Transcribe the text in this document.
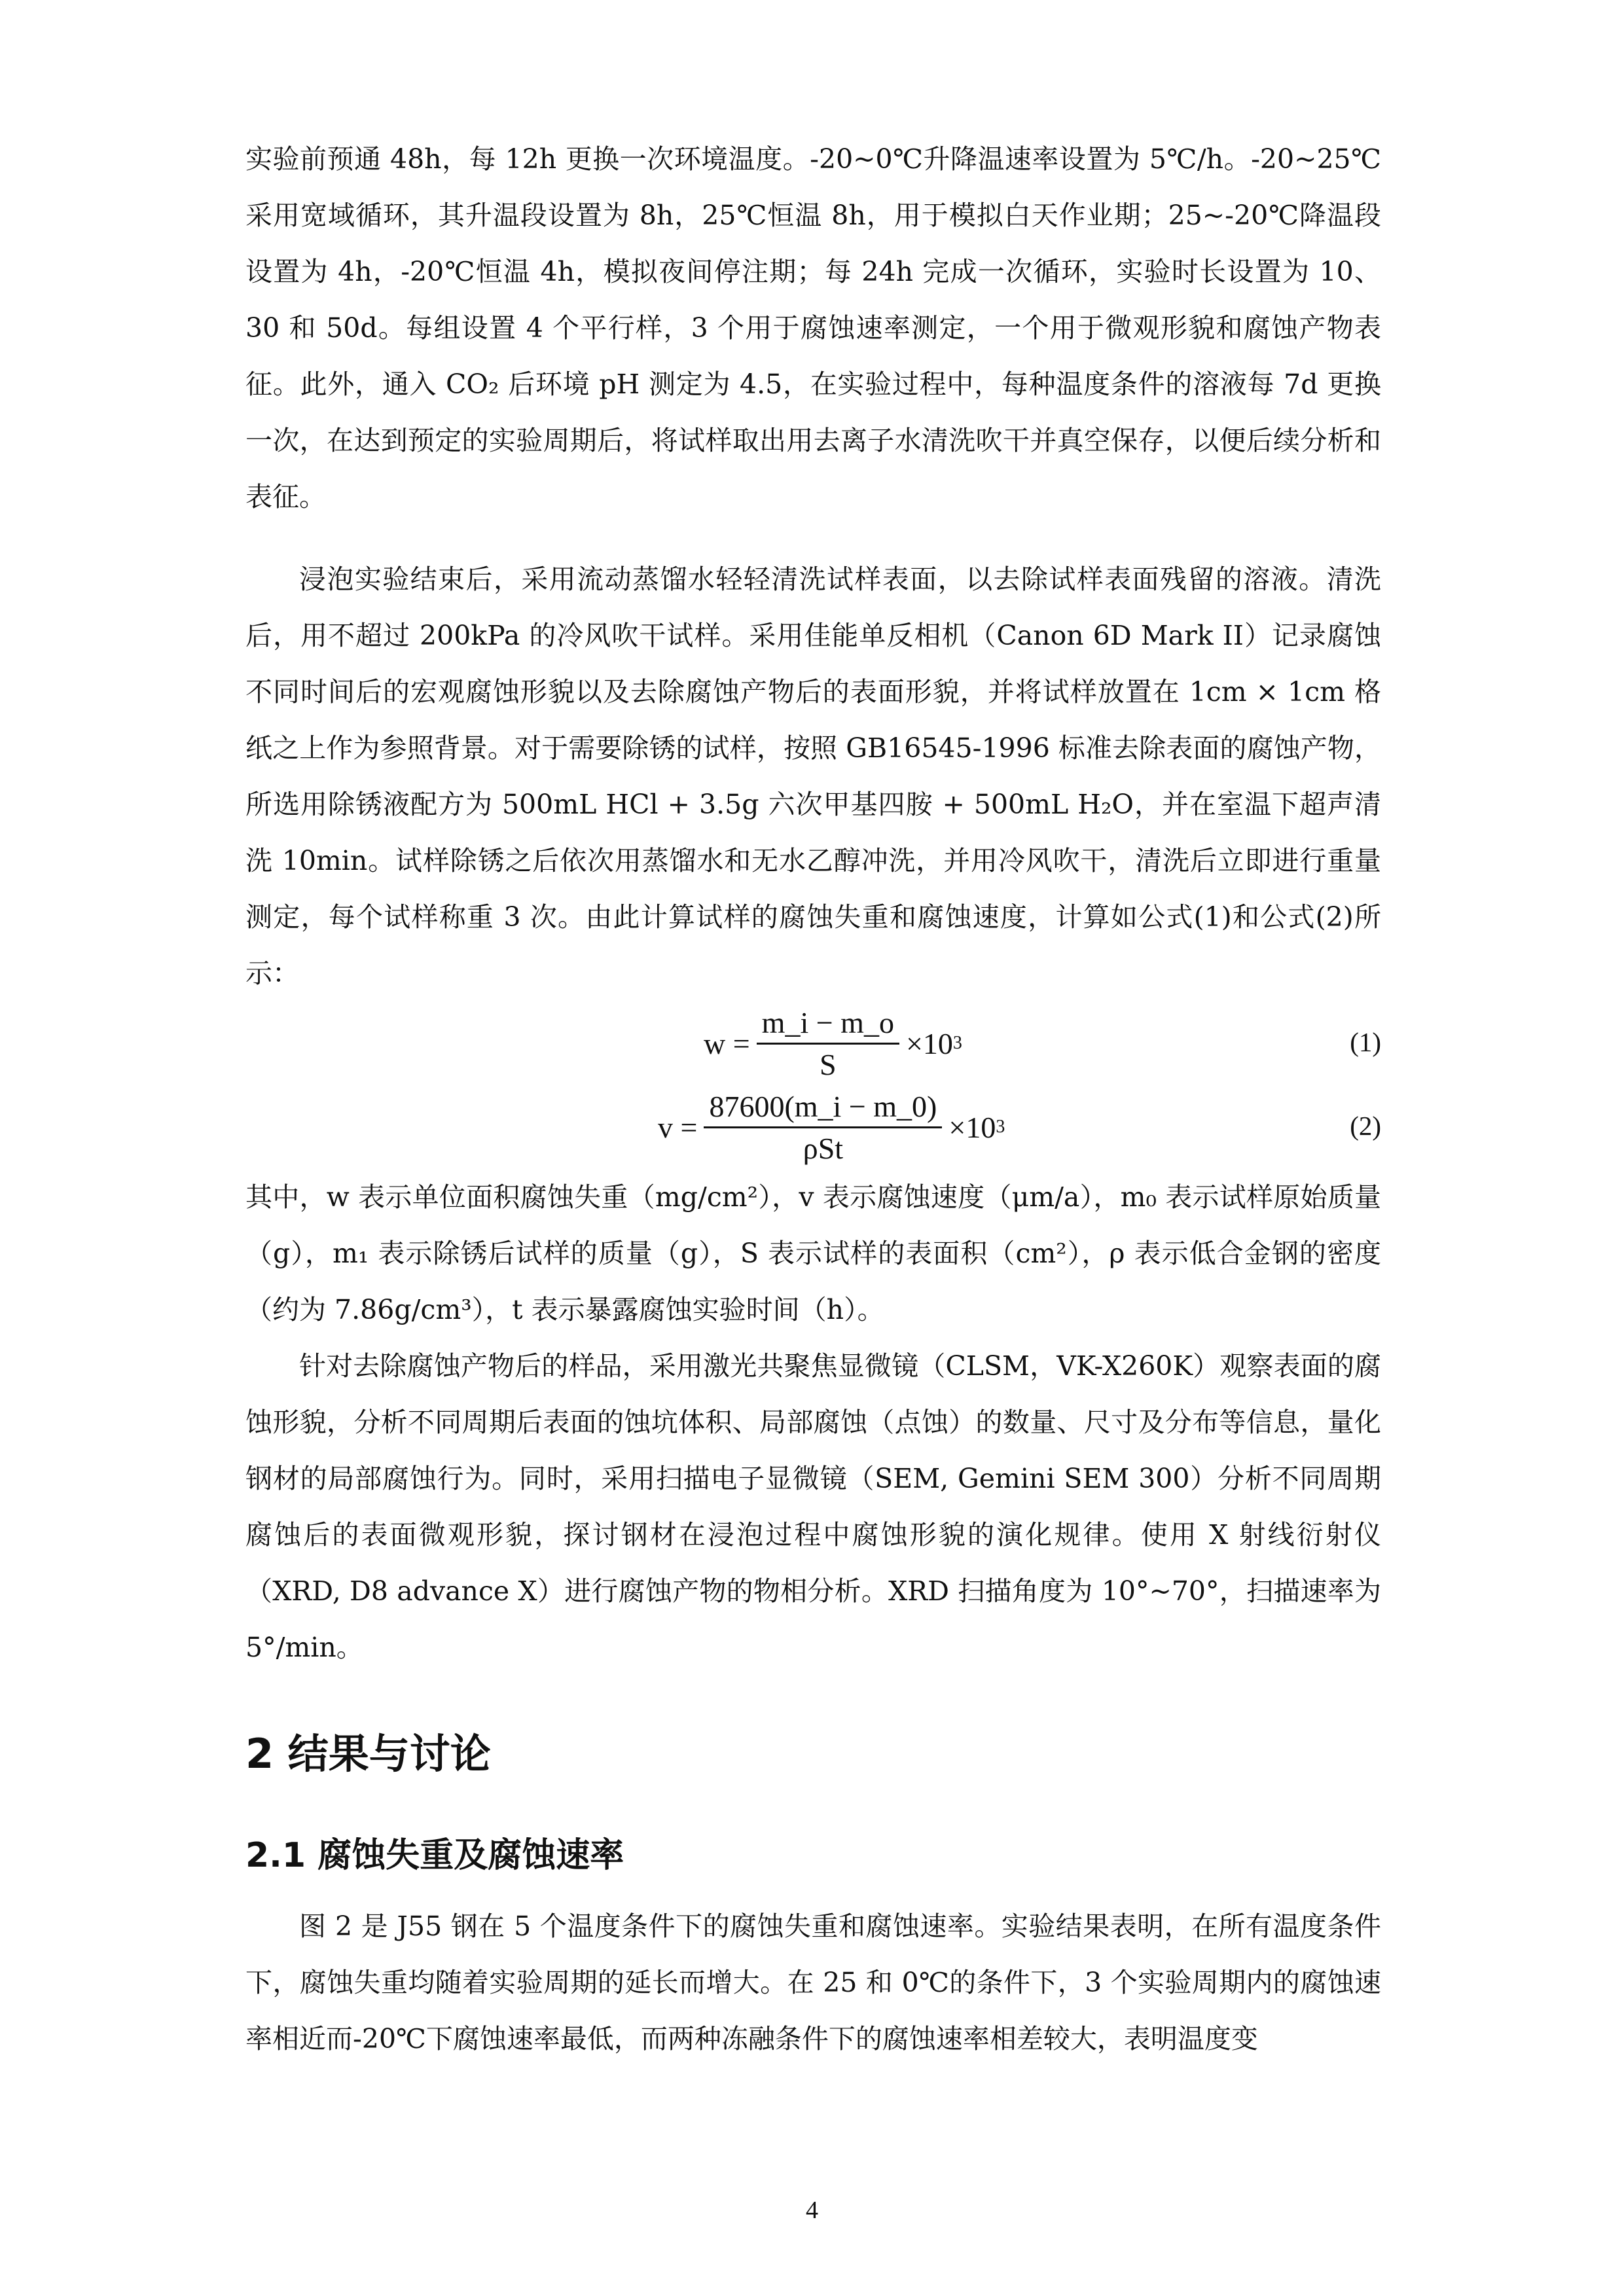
实验前预通 48h，每 12h 更换一次环境温度。-20~0℃升降温速率设置为 5℃/h。-20~25℃采用宽域循环，其升温段设置为 8h，25℃恒温 8h，用于模拟白天作业期；25~-20℃降温段设置为 4h，-20℃恒温 4h，模拟夜间停注期；每 24h 完成一次循环，实验时长设置为 10、30 和 50d。每组设置 4 个平行样，3 个用于腐蚀速率测定，一个用于微观形貌和腐蚀产物表征。此外，通入 CO₂ 后环境 pH 测定为 4.5，在实验过程中，每种温度条件的溶液每 7d 更换一次，在达到预定的实验周期后，将试样取出用去离子水清洗吹干并真空保存，以便后续分析和表征。

浸泡实验结束后，采用流动蒸馏水轻轻清洗试样表面，以去除试样表面残留的溶液。清洗后，用不超过 200kPa 的冷风吹干试样。采用佳能单反相机（Canon 6D Mark II）记录腐蚀不同时间后的宏观腐蚀形貌以及去除腐蚀产物后的表面形貌，并将试样放置在 1cm × 1cm 格纸之上作为参照背景。对于需要除锈的试样，按照 GB16545-1996 标准去除表面的腐蚀产物，所选用除锈液配方为 500mL HCl + 3.5g 六次甲基四胺 + 500mL H₂O，并在室温下超声清洗 10min。试样除锈之后依次用蒸馏水和无水乙醇冲洗，并用冷风吹干，清洗后立即进行重量测定，每个试样称重 3 次。由此计算试样的腐蚀失重和腐蚀速度，计算如公式(1)和公式(2)所示：

$w = \frac{m\_i - m\_o}{S} \times 10$ 3	(1)
$v = \frac{87600(m\_i - m\_0)}{\text{ρSt}} \times 10$ 3	(2)

其中，w 表示单位面积腐蚀失重（mg/cm²），v 表示腐蚀速度（μm/a），m₀ 表示试样原始质量（g），m₁ 表示除锈后试样的质量（g），S 表示试样的表面积（cm²），ρ 表示低合金钢的密度（约为 7.86g/cm³），t 表示暴露腐蚀实验时间（h）。

针对去除腐蚀产物后的样品，采用激光共聚焦显微镜（CLSM，VK-X260K）观察表面的腐蚀形貌，分析不同周期后表面的蚀坑体积、局部腐蚀（点蚀）的数量、尺寸及分布等信息，量化钢材的局部腐蚀行为。同时，采用扫描电子显微镜（SEM, Gemini SEM 300）分析不同周期腐蚀后的表面微观形貌，探讨钢材在浸泡过程中腐蚀形貌的演化规律。使用 X 射线衍射仪（XRD, D8 advance X）进行腐蚀产物的物相分析。XRD 扫描角度为 10°~70°，扫描速率为 5°/min。

2 结果与讨论
2.1 腐蚀失重及腐蚀速率

图 2 是 J55 钢在 5 个温度条件下的腐蚀失重和腐蚀速率。实验结果表明，在所有温度条件下，腐蚀失重均随着实验周期的延长而增大。在 25 和 0℃的条件下，3 个实验周期内的腐蚀速率相近而-20℃下腐蚀速率最低，而两种冻融条件下的腐蚀速率相差较大，表明温度变

4
